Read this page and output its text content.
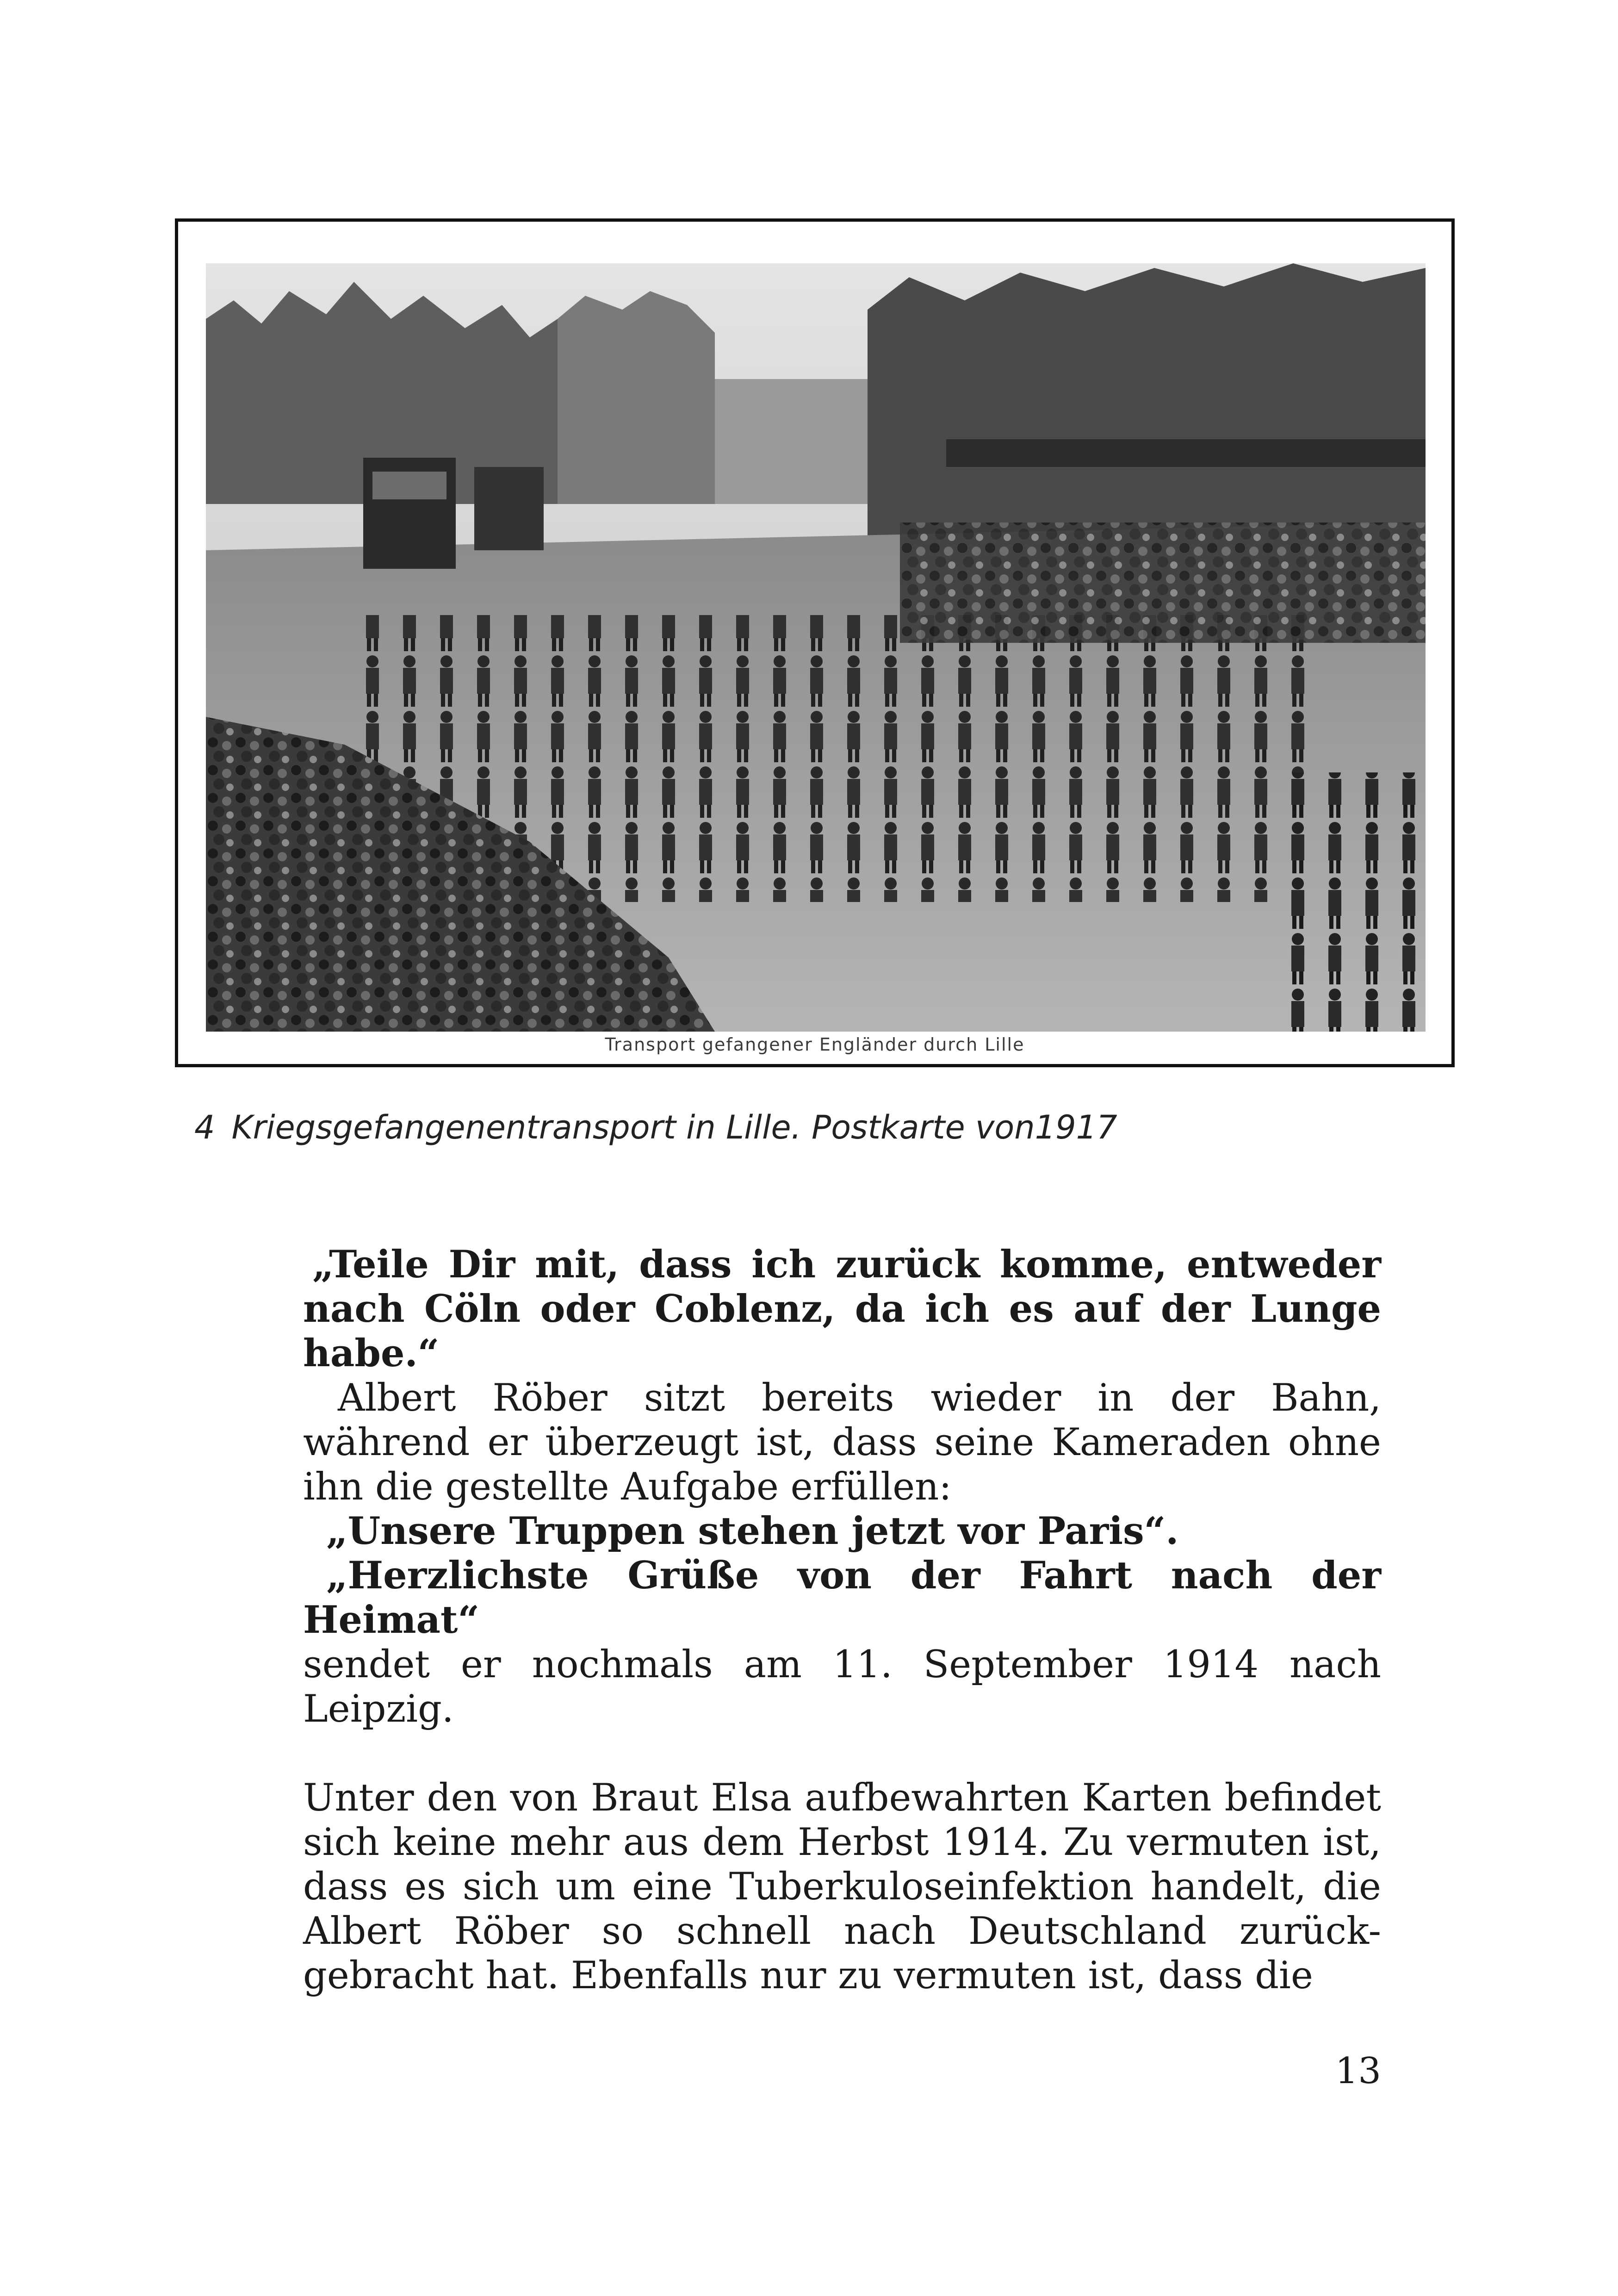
Transport gefangener Engländer durch Lille
4 Kriegsgefangenentransport in Lille. Postkarte von1917

„Teile Dir mit, dass ich zurück komme, entweder nach Cöln oder Coblenz, da ich es auf der Lunge habe.“

Albert Röber sitzt bereits wieder in der Bahn, während er überzeugt ist, dass seine Kameraden ohne ihn die gestellte Aufgabe erfüllen:

„Unsere Truppen stehen jetzt vor Paris“.

„Herzlichste Grüße von der Fahrt nach der Heimat“

sendet er nochmals am 11. September 1914 nach Leipzig.

Unter den von Braut Elsa aufbewahrten Karten befindet sich keine mehr aus dem Herbst 1914. Zu vermuten ist, dass es sich um eine Tuberkuloseinfektion handelt, die Albert Röber so schnell nach Deutschland zurück-gebracht hat. Ebenfalls nur zu vermuten ist, dass die

13
